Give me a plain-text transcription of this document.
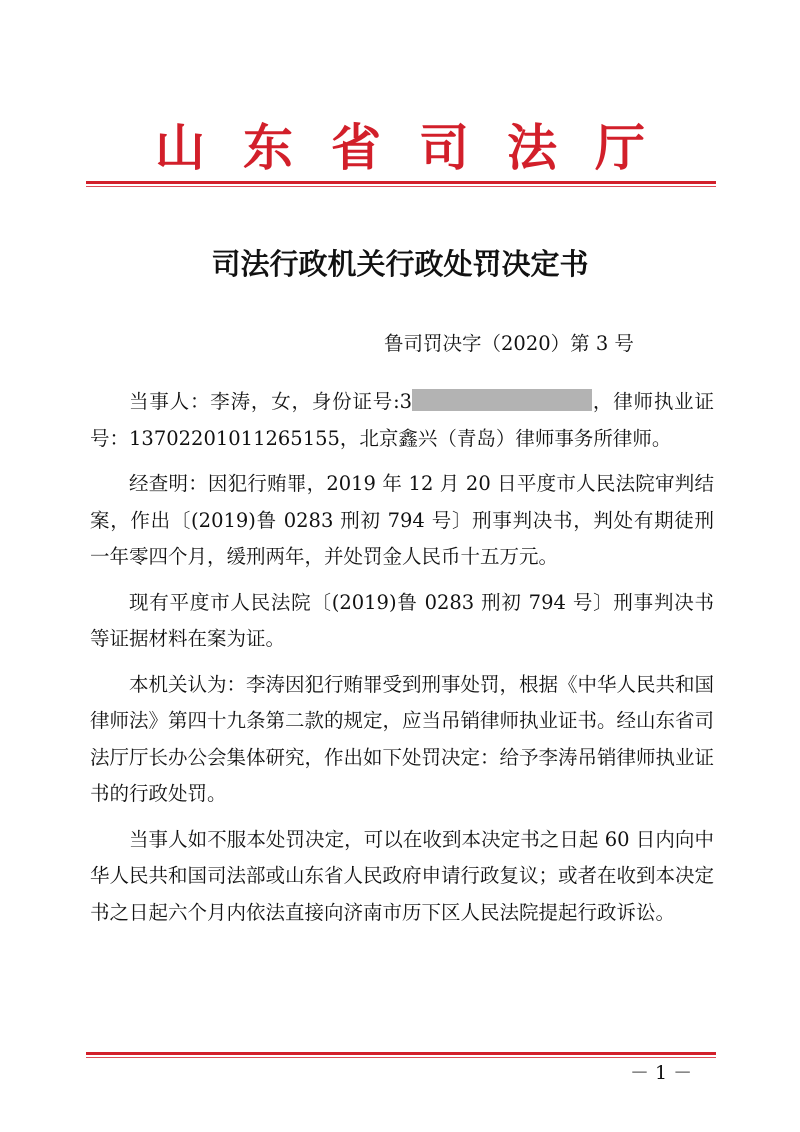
山东省司法厅
司法行政机关行政处罚决定书
鲁司罚决字（2020）第 3 号

当事人：李涛，女，身份证号:3	，律师执业证号：13702201011265155，北京鑫兴（青岛）律师事务所律师。

经查明：因犯行贿罪，2019 年 12 月 20 日平度市人民法院审判结案，作出〔(2019)鲁 0283 刑初 794 号〕刑事判决书，判处有期徒刑一年零四个月，缓刑两年，并处罚金人民币十五万元。

现有平度市人民法院〔(2019)鲁 0283 刑初 794 号〕刑事判决书等证据材料在案为证。

本机关认为：李涛因犯行贿罪受到刑事处罚，根据《中华人民共和国律师法》第四十九条第二款的规定，应当吊销律师执业证书。经山东省司法厅厅长办公会集体研究，作出如下处罚决定：给予李涛吊销律师执业证书的行政处罚。

当事人如不服本处罚决定，可以在收到本决定书之日起 60 日内向中华人民共和国司法部或山东省人民政府申请行政复议；或者在收到本决定书之日起六个月内依法直接向济南市历下区人民法院提起行政诉讼。

－ 1 －
